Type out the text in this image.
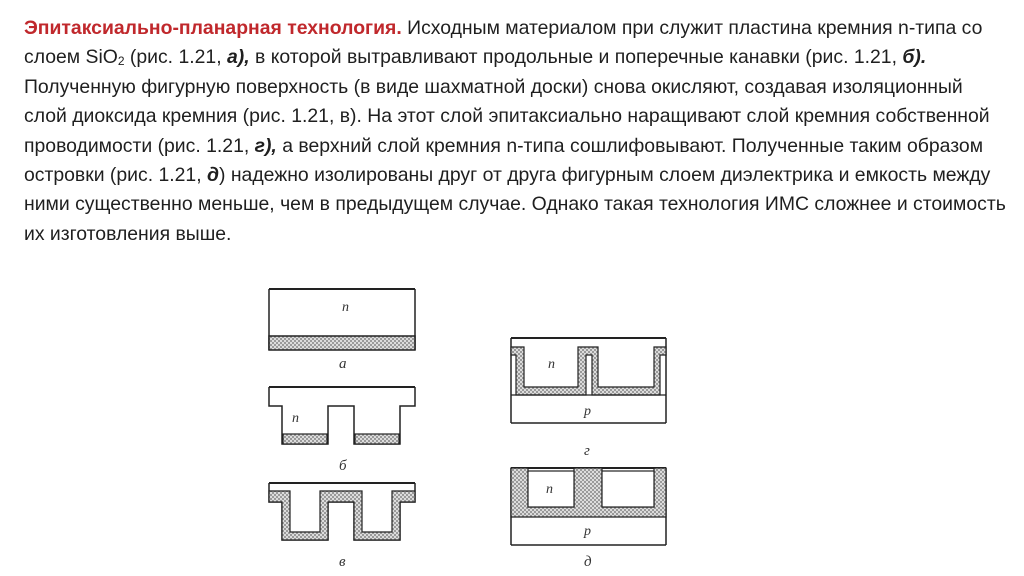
Эпитаксиально-планарная технология. Исходным материалом при служит пластина кремния n-типа со слоем SiO$_2$ (рис. 1.21, а), в которой вытравливают продольные и поперечные канавки (рис. 1.21, б). Полученную фигурную поверхность (в виде шахматной доски) снова окисляют, создавая изоляционный слой диоксида кремния (рис. 1.21, в). На этот слой эпитаксиально наращивают слой кремния собственной проводимости (рис. 1.21, г), а верхний слой кремния n-типа сошлифовывают. Полученные таким образом островки (рис. 1.21, д) надежно изолированы друг от друга фигурным слоем диэлектрика и емкость между ними существенно меньше, чем в предыдущем случае. Однако такая технология ИМС сложнее и стоимость их изготовления выше.

n
а
n
б
в
n
p
г
n
p
д
